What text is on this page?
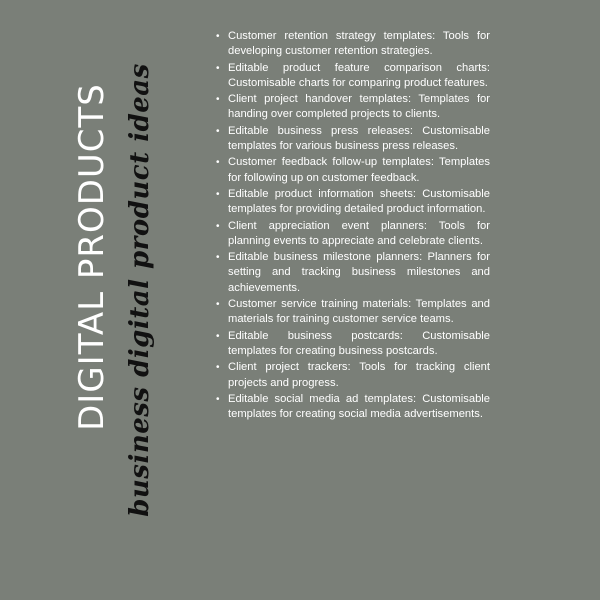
DIGITAL PRODUCTS business digital product ideas
• Customer retention strategy templates: Tools for developing customer retention strategies.
• Editable product feature comparison charts: Customisable charts for comparing product features.
• Client project handover templates: Templates for handing over completed projects to clients.
• Editable business press releases: Customisable templates for various business press releases.
• Customer feedback follow-up templates: Templates for following up on customer feedback.
• Editable product information sheets: Customisable templates for providing detailed product information.
• Client appreciation event planners: Tools for planning events to appreciate and celebrate clients.
• Editable business milestone planners: Planners for setting and tracking business milestones and achievements.
• Customer service training materials: Templates and materials for training customer service teams.
• Editable business postcards: Customisable templates for creating business postcards.
• Client project trackers: Tools for tracking client projects and progress.
• Editable social media ad templates: Customisable templates for creating social media advertisements.
